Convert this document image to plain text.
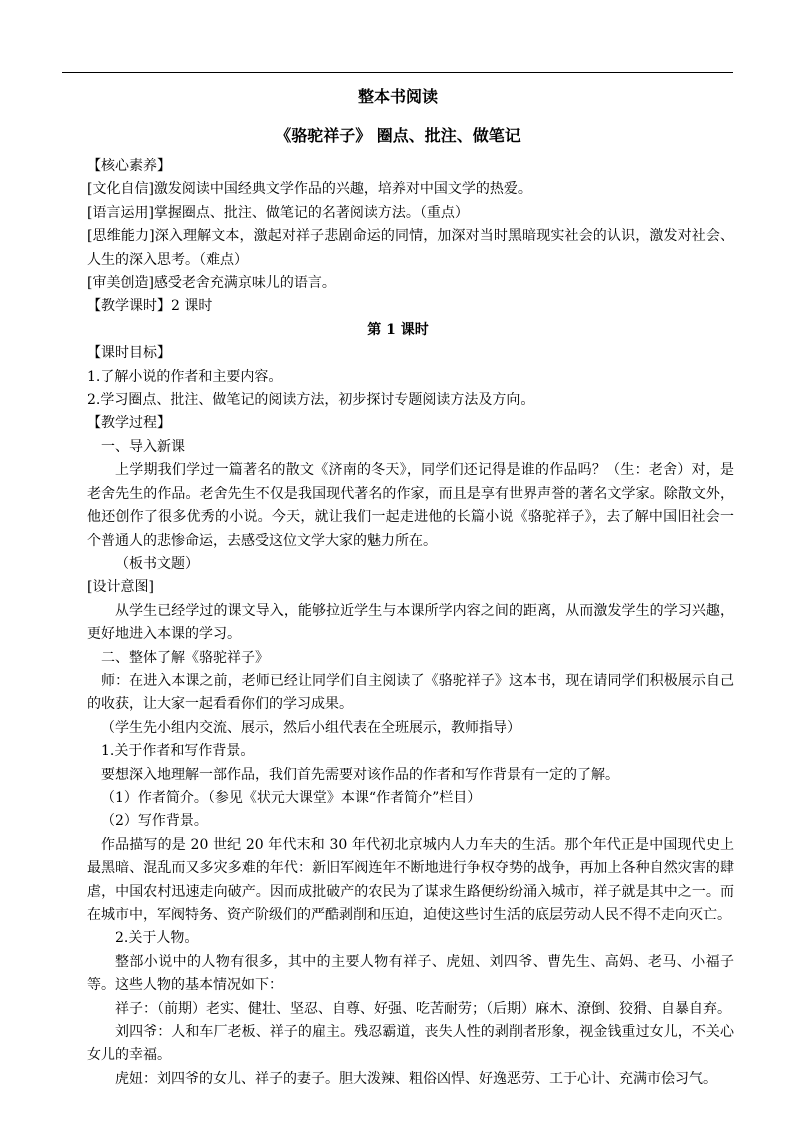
整本书阅读
《骆驼祥子》 圈点、批注、做笔记

【核心素养】

[文化自信]激发阅读中国经典文学作品的兴趣，培养对中国文学的热爱。

[语言运用]掌握圈点、批注、做笔记的名著阅读方法。（重点）

[思维能力]深入理解文本，激起对祥子悲剧命运的同情，加深对当时黑暗现实社会的认识，激发对社会、人生的深入思考。（难点）

[审美创造]感受老舍充满京味儿的语言。

【教学课时】2 课时

第 1 课时

【课时目标】

1.了解小说的作者和主要内容。

2.学习圈点、批注、做笔记的阅读方法，初步探讨专题阅读方法及方向。

【教学过程】

一、导入新课

上学期我们学过一篇著名的散文《济南的冬天》，同学们还记得是谁的作品吗？（生：老舍）对，是老舍先生的作品。老舍先生不仅是我国现代著名的作家，而且是享有世界声誉的著名文学家。除散文外，他还创作了很多优秀的小说。今天，就让我们一起走进他的长篇小说《骆驼祥子》，去了解中国旧社会一个普通人的悲惨命运，去感受这位文学大家的魅力所在。

（板书文题）

[设计意图]

从学生已经学过的课文导入，能够拉近学生与本课所学内容之间的距离，从而激发学生的学习兴趣，更好地进入本课的学习。

二、整体了解《骆驼祥子》

师：在进入本课之前，老师已经让同学们自主阅读了《骆驼祥子》这本书，现在请同学们积极展示自己的收获，让大家一起看看你们的学习成果。

（学生先小组内交流、展示，然后小组代表在全班展示，教师指导）

1.关于作者和写作背景。

要想深入地理解一部作品，我们首先需要对该作品的作者和写作背景有一定的了解。

（1）作者简介。（参见《状元大课堂》本课“作者简介”栏目）

（2）写作背景。

作品描写的是 20 世纪 20 年代末和 30 年代初北京城内人力车夫的生活。那个年代正是中国现代史上最黑暗、混乱而又多灾多难的年代：新旧军阀连年不断地进行争权夺势的战争，再加上各种自然灾害的肆虐，中国农村迅速走向破产。因而成批破产的农民为了谋求生路便纷纷涌入城市，祥子就是其中之一。而在城市中，军阀特务、资产阶级们的严酷剥削和压迫，迫使这些讨生活的底层劳动人民不得不走向灭亡。

2.关于人物。

整部小说中的人物有很多，其中的主要人物有祥子、虎妞、刘四爷、曹先生、高妈、老马、小福子等。这些人物的基本情况如下：

祥子：（前期）老实、健壮、坚忍、自尊、好强、吃苦耐劳；（后期）麻木、潦倒、狡猾、自暴自弃。

刘四爷：人和车厂老板、祥子的雇主。残忍霸道，丧失人性的剥削者形象，视金钱重过女儿，不关心女儿的幸福。

虎妞：刘四爷的女儿、祥子的妻子。胆大泼辣、粗俗凶悍、好逸恶劳、工于心计、充满市侩习气。
